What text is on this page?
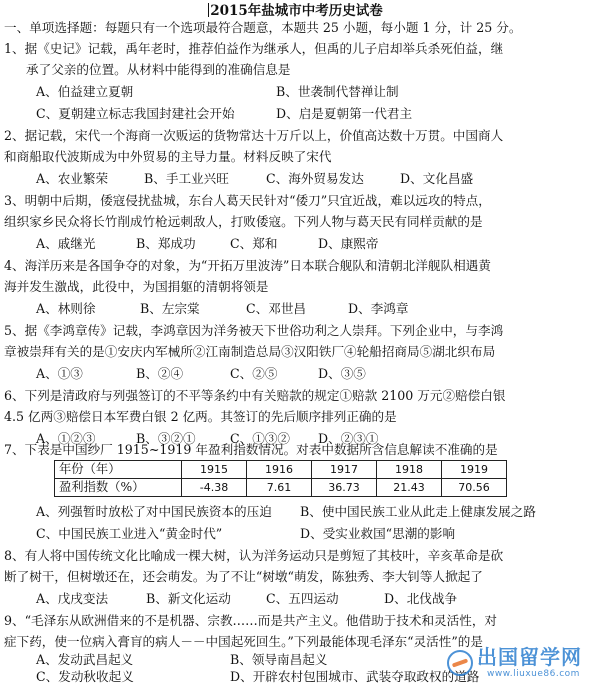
2015年盐城市中考历史试卷
一、单项选择题：每题只有一个选项最符合题意，本题共 25 小题，每小题 1 分，计 25 分。
1、据《史记》记载，禹年老时，推荐伯益作为继承人，但禹的儿子启却举兵杀死伯益，继
承了父亲的位置。从材料中能得到的准确信息是
A、伯益建立夏朝	B、世袭制代替禅让制
C、夏朝建立标志我国封建社会开始	D、启是夏朝第一代君主
2、据记载，宋代一个海商一次贩运的货物常达十万斤以上，价值高达数十万贯。中国商人
和商船取代波斯成为中外贸易的主导力量。材料反映了宋代
A、农业繁荣	B、手工业兴旺	C、海外贸易发达	D、文化昌盛
3、明朝中后期，倭寇侵扰盐城，东台人葛天民针对“倭刀”只宜近战，难以远攻的特点，
组织家乡民众将长竹削成竹枪远刺敌人，打败倭寇。下列人物与葛天民有同样贡献的是
A、戚继光	B、郑成功	C、郑和	D、康熙帝
4、海洋历来是各国争夺的对象，为“开拓万里波涛”日本联合舰队和清朝北洋舰队相遇黄
海并发生激战，此役中，为国捐躯的清朝将领是
A、林则徐	B、左宗棠	C、邓世昌	D、李鸿章
5、据《李鸿章传》记载，李鸿章因为洋务被天下世俗功利之人崇拜。下列企业中，与李鸿
章被崇拜有关的是①安庆内军械所②江南制造总局③汉阳铁厂④轮船招商局⑤湖北织布局
A、①③	B、②④	C、②⑤	D、③⑤
6、下列是清政府与列强签订的不平等条约中有关赔款的规定①赔款 2100 万元②赔偿白银
4.5 亿两③赔偿日本军费白银 2 亿两。其签订的先后顺序排列正确的是
A、①②③	B、③②①	C、①③② D、②③①
7、下表是中国纱厂 1915~1919 年盈利指数情况。对表中数据所含信息解读不准确的是
年份（年）	1915	1916	1917	1918	1919
盈利指数（%）	-4.38	7.61	36.73	21.43	70.56
A、列强暂时放松了对中国民族资本的压迫 B、使中国民族工业从此走上健康发展之路
C、中国民族工业进入“黄金时代”	D、受实业救国“思潮的影响
8、有人将中国传统文化比喻成一棵大树，认为洋务运动只是剪短了其枝叶，辛亥革命是砍
断了树干，但树墩还在，还会萌发。为了不让“树墩“萌发，陈独秀、李大钊等人掀起了
A、戊戌变法	B、新文化运动	C、五四运动	D、北伐战争
9、“毛泽东从欧洲借来的不是机器、宗教……而是共产主义。他借助于技术和灵活性，对
症下药，使一位病入膏肓的病人－－中国起死回生。”下列最能体现毛泽东“灵活性”的是
A、发动武昌起义	B、领导南昌起义
C、发动秋收起义	D、开辟农村包围城市、武装夺取政权的道路
出国留学网
www.liuxue86.com
